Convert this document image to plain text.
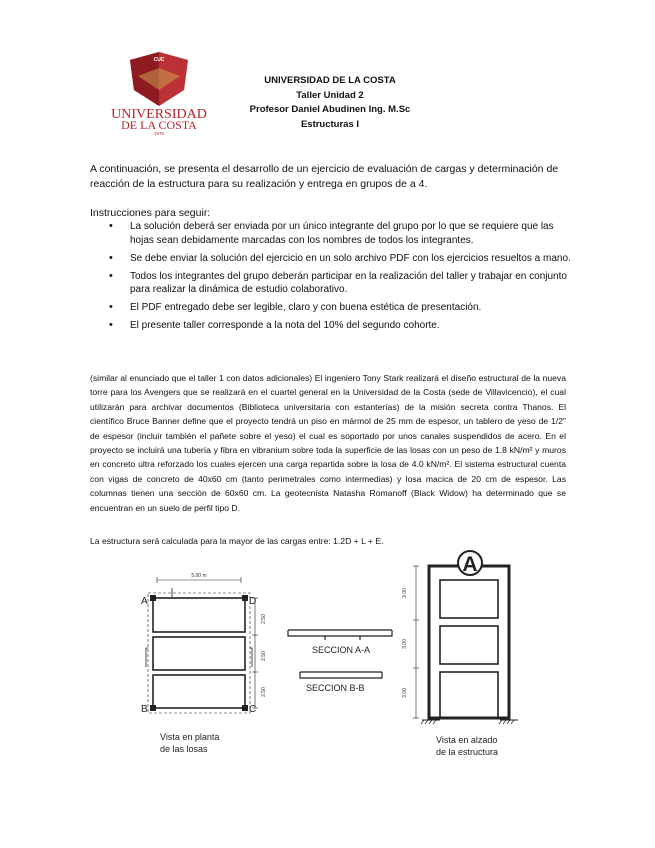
CUC
UNIVERSIDAD
DE LA COSTA
1970
UNIVERSIDAD DE LA COSTA
Taller Unidad 2
Profesor Daniel Abudinen Ing. M.Sc
Estructuras I
A continuación, se presenta el desarrollo de un ejercicio de evaluación de cargas y determinación de reacción de la estructura para su realización y entrega en grupos de a 4.
Instrucciones para seguir:
• La solución deberá ser enviada por un único integrante del grupo por lo que se requiere que las hojas sean debidamente marcadas con los nombres de todos los integrantes.
• Se debe enviar la solución del ejercicio en un solo archivo PDF con los ejercicios resueltos a mano.
• Todos los integrantes del grupo deberán participar en la realización del taller y trabajar en conjunto para realizar la dinámica de estudio colaborativo.
• El PDF entregado debe ser legible, claro y con buena estética de presentación.
• El presente taller corresponde a la nota del 10% del segundo cohorte.
(similar al enunciado que el taller 1 con datos adicionales) El ingeniero Tony Stark realizará el diseño estructural de la nueva torre para los Avengers que se realizará en el cuartel general en la Universidad de la Costa (sede de Villavicencio), el cual utilizarán para archivar documentos (Biblioteca universitaria con estanterías) de la misión secreta contra Thanos. El científico Bruce Banner define que el proyecto tendrá un piso en mármol de 25 mm de espesor, un tablero de yeso de 1/2" de espesor (incluir también el pañete sobre el yeso) el cual es soportado por unos canales suspendidos de acero. En el proyecto se incluirá una tubería y fibra en vibranium sobre toda la superficie de las losas con un peso de 1.8 kN/m² y muros en concreto ultra reforzado los cuales ejercen una carga repartida sobre la losa de 4.0 kN/m². El sistema estructural cuenta con vigas de concreto de 40x60 cm (tanto perimetrales como intermedias) y losa macica de 20 cm de espesor. Las columnas tienen una sección de 60x60 cm. La geotecnista Natasha Romanoff (Black Widow) ha determinado que se encuentran en un suelo de perfil tipo D.
La estructura será calculada para la mayor de las cargas entre: 1.2D + L + E.
A	D
B	C
5.00 m
2.50
2.50
2.50
Vista en planta
de las losas
SECCION A-A
SECCION B-B
3.00
3.00
3.00
A
Vista en alzado
de la estructura
